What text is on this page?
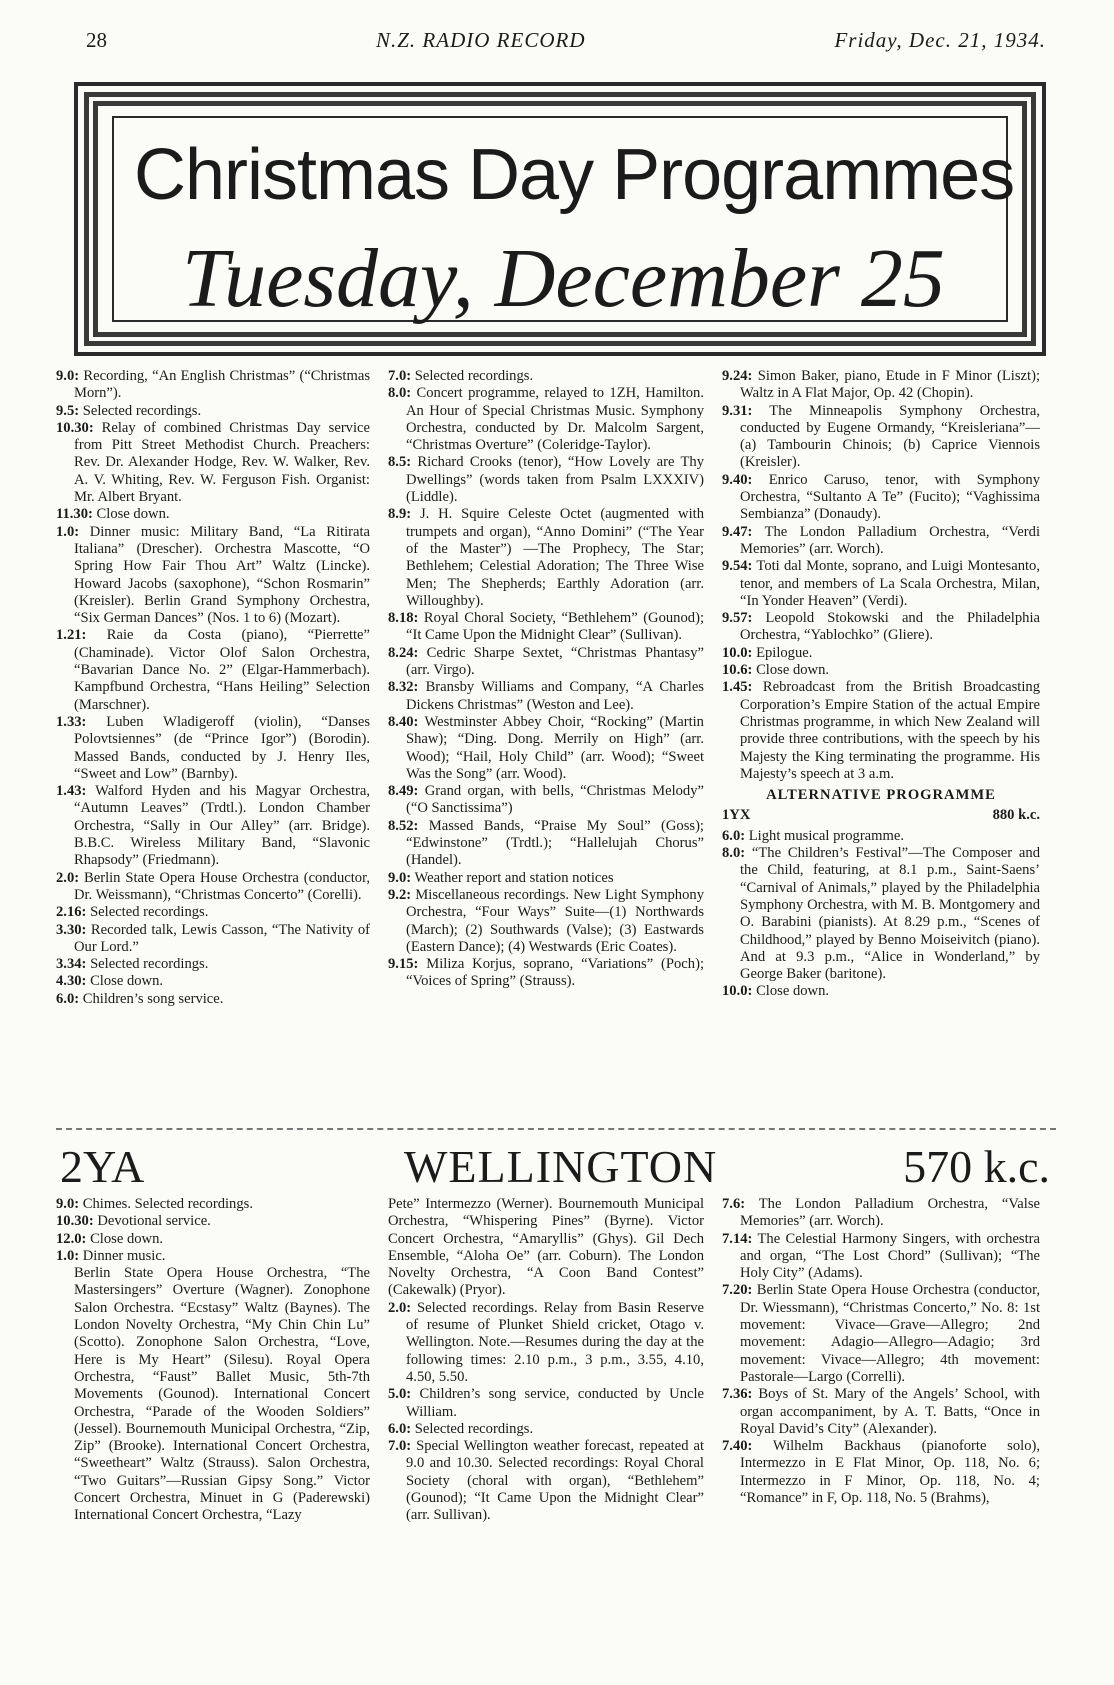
28	N.Z. RADIO RECORD	Friday, Dec. 21, 1934.
Christmas Day Programmes
Tuesday, December 25

9.0: Recording, “An English Christmas” (“Christmas Morn”).

9.5: Selected recordings.

10.30: Relay of combined Christmas Day service from Pitt Street Methodist Church. Preachers: Rev. Dr. Alexander Hodge, Rev. W. Walker, Rev. A. V. Whiting, Rev. W. Ferguson Fish. Organist: Mr. Albert Bryant.

11.30: Close down.

1.0: Dinner music: Military Band, “La Ritirata Italiana” (Drescher). Orchestra Mascotte, “O Spring How Fair Thou Art” Waltz (Lincke). Howard Jacobs (saxophone), “Schon Rosmarin” (Kreisler). Berlin Grand Symphony Orchestra, “Six German Dances” (Nos. 1 to 6) (Mozart).

1.21: Raie da Costa (piano), “Pierrette” (Chaminade). Victor Olof Salon Orchestra, “Bavarian Dance No. 2” (Elgar-Hammerbach). Kampfbund Orchestra, “Hans Heiling” Selection (Marschner).

1.33: Luben Wladigeroff (violin), “Danses Polovtsiennes” (de “Prince Igor”) (Borodin). Massed Bands, conducted by J. Henry Iles, “Sweet and Low” (Barnby).

1.43: Walford Hyden and his Magyar Orchestra, “Autumn Leaves” (Trdtl.). London Chamber Orchestra, “Sally in Our Alley” (arr. Bridge). B.B.C. Wireless Military Band, “Slavonic Rhapsody” (Friedmann).

2.0: Berlin State Opera House Orchestra (conductor, Dr. Weissmann), “Christmas Concerto” (Corelli).

2.16: Selected recordings.

3.30: Recorded talk, Lewis Casson, “The Nativity of Our Lord.”

3.34: Selected recordings.

4.30: Close down.

6.0: Children’s song service.

7.0: Selected recordings.

8.0: Concert programme, relayed to 1ZH, Hamilton. An Hour of Special Christmas Music. Symphony Orchestra, conducted by Dr. Malcolm Sargent, “Christmas Overture” (Coleridge-Taylor).

8.5: Richard Crooks (tenor), “How Lovely are Thy Dwellings” (words taken from Psalm LXXXIV) (Liddle).

8.9: J. H. Squire Celeste Octet (augmented with trumpets and organ), “Anno Domini” (“The Year of the Master”) —The Prophecy, The Star; Bethlehem; Celestial Adoration; The Three Wise Men; The Shepherds; Earthly Adoration (arr. Willoughby).

8.18: Royal Choral Society, “Bethlehem” (Gounod); “It Came Upon the Midnight Clear” (Sullivan).

8.24: Cedric Sharpe Sextet, “Christmas Phantasy” (arr. Virgo).

8.32: Bransby Williams and Company, “A Charles Dickens Christmas” (Weston and Lee).

8.40: Westminster Abbey Choir, “Rocking” (Martin Shaw); “Ding. Dong. Merrily on High” (arr. Wood); “Hail, Holy Child” (arr. Wood); “Sweet Was the Song” (arr. Wood).

8.49: Grand organ, with bells, “Christmas Melody” (“O Sanctissima”)

8.52: Massed Bands, “Praise My Soul” (Goss); “Edwinstone” (Trdtl.); “Hallelujah Chorus” (Handel).

9.0: Weather report and station notices

9.2: Miscellaneous recordings. New Light Symphony Orchestra, “Four Ways” Suite—(1) Northwards (March); (2) Southwards (Valse); (3) Eastwards (Eastern Dance); (4) Westwards (Eric Coates).

9.15: Miliza Korjus, soprano, “Variations” (Poch); “Voices of Spring” (Strauss).

9.24: Simon Baker, piano, Etude in F Minor (Liszt); Waltz in A Flat Major, Op. 42 (Chopin).

9.31: The Minneapolis Symphony Orchestra, conducted by Eugene Ormandy, “Kreisleriana”—(a) Tambourin Chinois; (b) Caprice Viennois (Kreisler).

9.40: Enrico Caruso, tenor, with Symphony Orchestra, “Sultanto A Te” (Fucito); “Vaghissima Sembianza” (Donaudy).

9.47: The London Palladium Orchestra, “Verdi Memories” (arr. Worch).

9.54: Toti dal Monte, soprano, and Luigi Montesanto, tenor, and members of La Scala Orchestra, Milan, “In Yonder Heaven” (Verdi).

9.57: Leopold Stokowski and the Philadelphia Orchestra, “Yablochko” (Gliere).

10.0: Epilogue.

10.6: Close down.

1.45: Rebroadcast from the British Broadcasting Corporation’s Empire Station of the actual Empire Christmas programme, in which New Zealand will provide three contributions, with the speech by his Majesty the King terminating the programme. His Majesty’s speech at 3 a.m.

ALTERNATIVE PROGRAMME
1YX	880 k.c.

6.0: Light musical programme.

8.0: “The Children’s Festival”—The Composer and the Child, featuring, at 8.1 p.m., Saint-Saens’ “Carnival of Animals,” played by the Philadelphia Symphony Orchestra, with M. B. Montgomery and O. Barabini (pianists). At 8.29 p.m., “Scenes of Childhood,” played by Benno Moiseivitch (piano). And at 9.3 p.m., “Alice in Wonderland,” by George Baker (baritone).

10.0: Close down.

2YA	WELLINGTON	570 k.c.

9.0: Chimes. Selected recordings.

10.30: Devotional service.

12.0: Close down.

1.0: Dinner music.

Berlin State Opera House Orchestra, “The Mastersingers” Overture (Wagner). Zonophone Salon Orchestra. “Ecstasy” Waltz (Baynes). The London Novelty Orchestra, “My Chin Chin Lu” (Scotto). Zonophone Salon Orchestra, “Love, Here is My Heart” (Silesu). Royal Opera Orchestra, “Faust” Ballet Music, 5th-7th Movements (Gounod). International Concert Orchestra, “Parade of the Wooden Soldiers” (Jessel). Bournemouth Municipal Orchestra, “Zip, Zip” (Brooke). International Concert Orchestra, “Sweetheart” Waltz (Strauss). Salon Orchestra, “Two Guitars”—Russian Gipsy Song.” Victor Concert Orchestra, Minuet in G (Paderewski) International Concert Orchestra, “Lazy

Pete” Intermezzo (Werner). Bournemouth Municipal Orchestra, “Whispering Pines” (Byrne). Victor Concert Orchestra, “Amaryllis” (Ghys). Gil Dech Ensemble, “Aloha Oe” (arr. Coburn). The London Novelty Orchestra, “A Coon Band Contest” (Cakewalk) (Pryor).

2.0: Selected recordings. Relay from Basin Reserve of resume of Plunket Shield cricket, Otago v. Wellington. Note.—Resumes during the day at the following times: 2.10 p.m., 3 p.m., 3.55, 4.10, 4.50, 5.50.

5.0: Children’s song service, conducted by Uncle William.

6.0: Selected recordings.

7.0: Special Wellington weather forecast, repeated at 9.0 and 10.30. Selected recordings: Royal Choral Society (choral with organ), “Bethlehem” (Gounod); “It Came Upon the Midnight Clear” (arr. Sullivan).

7.6: The London Palladium Orchestra, “Valse Memories” (arr. Worch).

7.14: The Celestial Harmony Singers, with orchestra and organ, “The Lost Chord” (Sullivan); “The Holy City” (Adams).

7.20: Berlin State Opera House Orchestra (conductor, Dr. Wiessmann), “Christmas Concerto,” No. 8: 1st movement: Vivace—Grave—Allegro; 2nd movement: Adagio—Allegro—Adagio; 3rd movement: Vivace—Allegro; 4th movement: Pastorale—Largo (Correlli).

7.36: Boys of St. Mary of the Angels’ School, with organ accompaniment, by A. T. Batts, “Once in Royal David’s City” (Alexander).

7.40: Wilhelm Backhaus (pianoforte solo), Intermezzo in E Flat Minor, Op. 118, No. 6; Intermezzo in F Minor, Op. 118, No. 4; “Romance” in F, Op. 118, No. 5 (Brahms),
